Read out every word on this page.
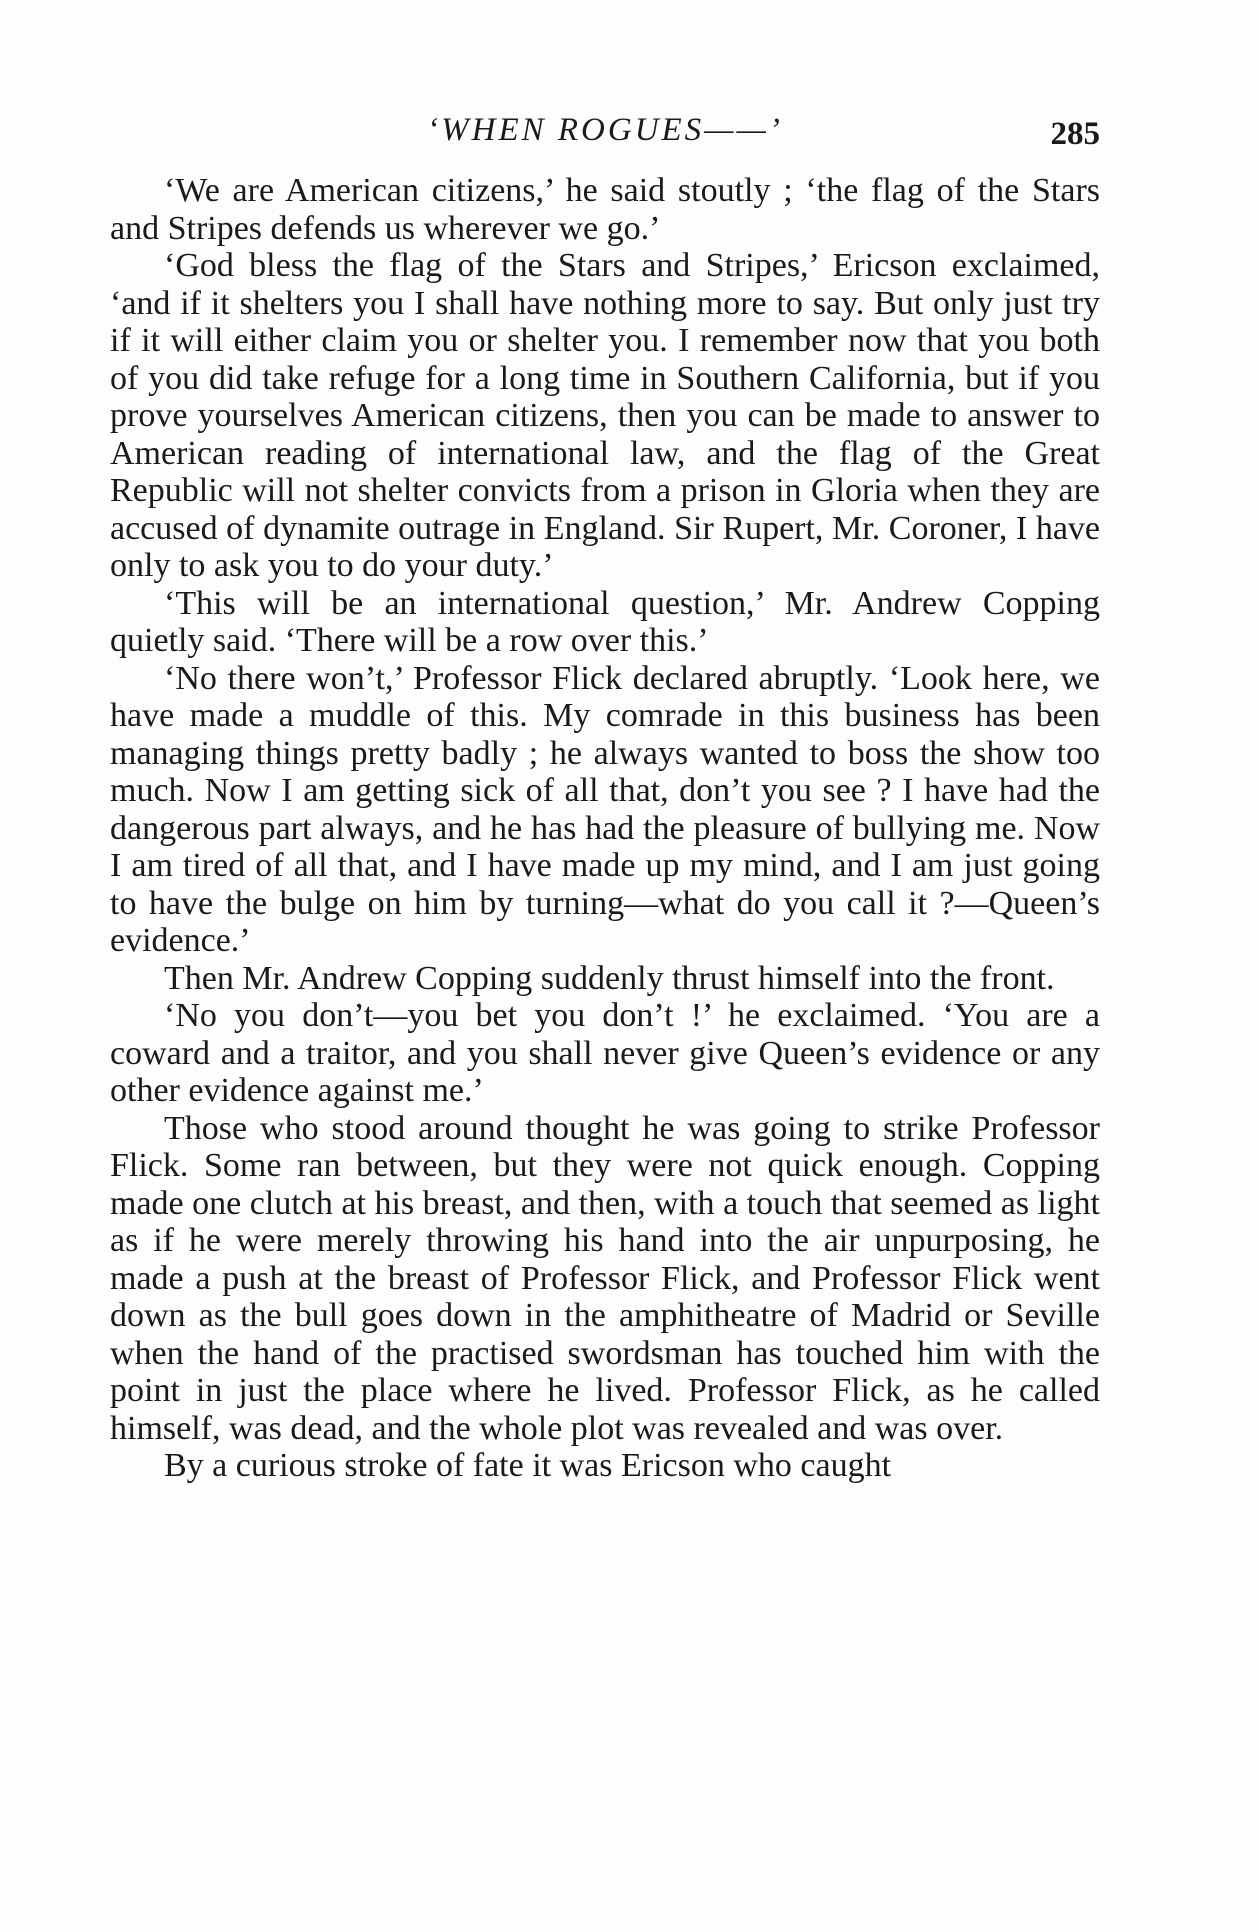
‘WHEN ROGUES——’	285

‘We are American citizens,’ he said stoutly ; ‘the flag of the Stars and Stripes defends us wherever we go.’

‘God bless the flag of the Stars and Stripes,’ Ericson exclaimed, ‘and if it shelters you I shall have nothing more to say. But only just try if it will either claim you or shelter you. I remember now that you both of you did take refuge for a long time in Southern California, but if you prove yourselves American citizens, then you can be made to answer to American reading of international law, and the flag of the Great Republic will not shelter convicts from a prison in Gloria when they are accused of dynamite outrage in England. Sir Rupert, Mr. Coroner, I have only to ask you to do your duty.’

‘This will be an international question,’ Mr. Andrew Copping quietly said. ‘There will be a row over this.’

‘No there won’t,’ Professor Flick declared abruptly. ‘Look here, we have made a muddle of this. My comrade in this business has been managing things pretty badly ; he always wanted to boss the show too much. Now I am getting sick of all that, don’t you see ? I have had the dangerous part always, and he has had the pleasure of bullying me. Now I am tired of all that, and I have made up my mind, and I am just going to have the bulge on him by turning—what do you call it ?—Queen’s evidence.’

Then Mr. Andrew Copping suddenly thrust himself into the front.

‘No you don’t—you bet you don’t !’ he exclaimed. ‘You are a coward and a traitor, and you shall never give Queen’s evidence or any other evidence against me.’

Those who stood around thought he was going to strike Professor Flick. Some ran between, but they were not quick enough. Copping made one clutch at his breast, and then, with a touch that seemed as light as if he were merely throwing his hand into the air unpurposing, he made a push at the breast of Professor Flick, and Professor Flick went down as the bull goes down in the amphitheatre of Madrid or Seville when the hand of the practised swordsman has touched him with the point in just the place where he lived. Professor Flick, as he called himself, was dead, and the whole plot was revealed and was over.

By a curious stroke of fate it was Ericson who caught
